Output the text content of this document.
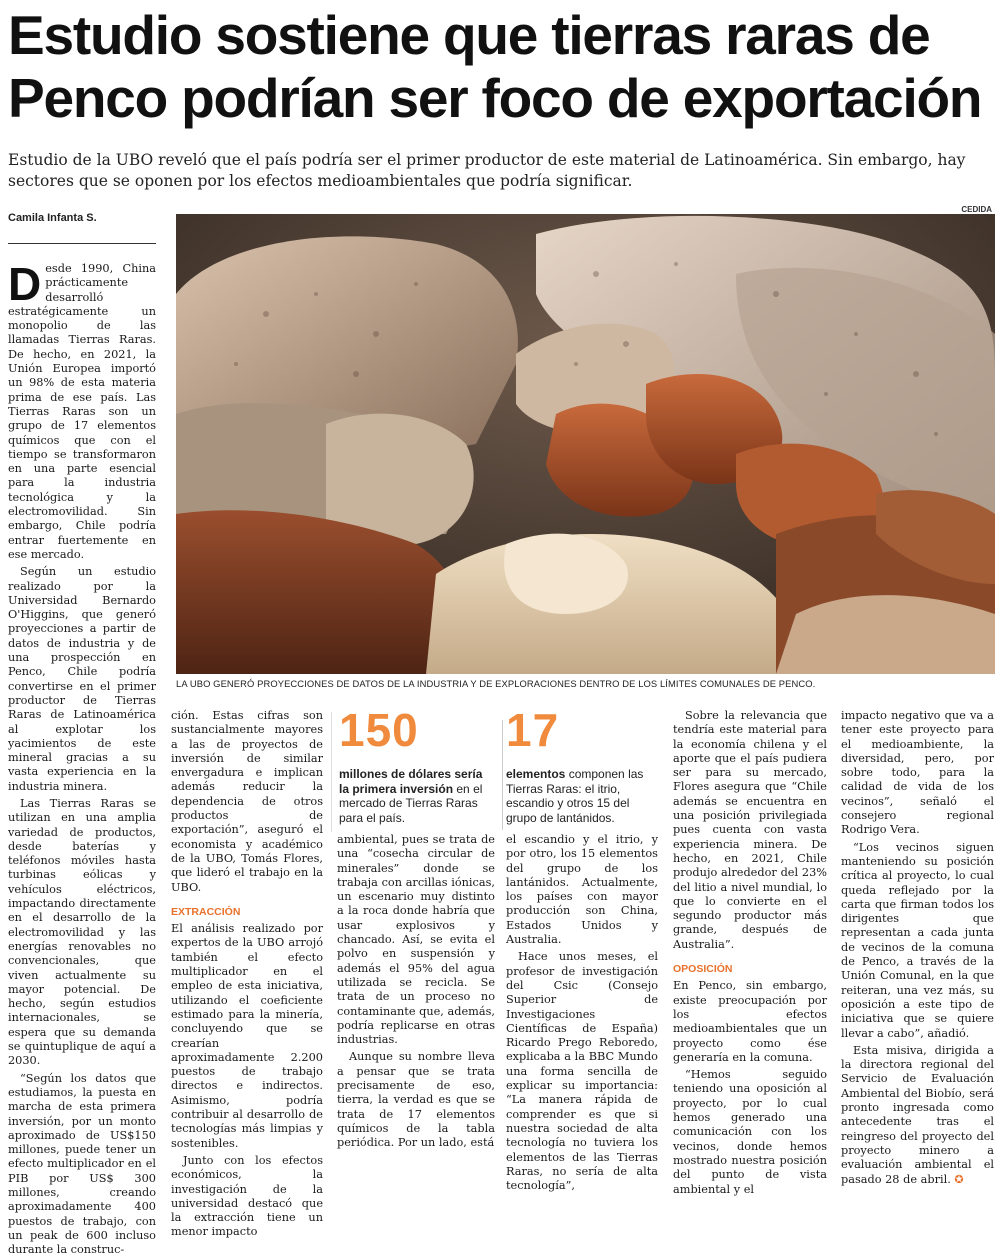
Estudio sostiene que tierras raras de Penco podrían ser foco de exportación

Estudio de la UBO reveló que el país podría ser el primer productor de este material de Latinoamérica. Sin embargo, hay sectores que se oponen por los efectos medioambientales que podría significar.

Camila Infanta S.
CEDIDA
LA UBO GENERÓ PROYECCIONES DE DATOS DE LA INDUSTRIA Y DE EXPLORACIONES DENTRO DE LOS LÍMITES COMUNALES DE PENCO.

Desde 1990, China prácticamente desarrolló estratégicamente un monopolio de las llamadas Tierras Raras. De hecho, en 2021, la Unión Europea importó un 98% de esta materia prima de ese país. Las Tierras Raras son un grupo de 17 elementos químicos que con el tiempo se transformaron en una parte esencial para la industria tecnológica y la electromovilidad. Sin embargo, Chile podría entrar fuertemente en ese mercado.

Según un estudio realizado por la Universidad Bernardo O'Higgins, que generó proyecciones a partir de datos de industria y de una prospección en Penco, Chile podría convertirse en el primer productor de Tierras Raras de Latinoamérica al explotar los yacimientos de este mineral gracias a su vasta experiencia en la industria minera.

Las Tierras Raras se utilizan en una amplia variedad de productos, desde baterías y teléfonos móviles hasta turbinas eólicas y vehículos eléctricos, impactando directamente en el desarrollo de la electromovilidad y las energías renovables no convencionales, que viven actualmente su mayor potencial. De hecho, según estudios internacionales, se espera que su demanda se quintuplique de aquí a 2030.

“Según los datos que estudiamos, la puesta en marcha de esta primera inversión, por un monto aproximado de US$150 millones, puede tener un efecto multiplicador en el PIB por US$ 300 millones, creando aproximadamente 400 puestos de trabajo, con un peak de 600 incluso durante la construc-

ción. Estas cifras son sustancialmente mayores a las de proyectos de inversión de similar envergadura e implican además reducir la dependencia de otros productos de exportación”, aseguró el economista y académico de la UBO, Tomás Flores, que lideró el trabajo en la UBO.

EXTRACCIÓN

El análisis realizado por expertos de la UBO arrojó también el efecto multiplicador en el empleo de esta iniciativa, utilizando el coeficiente estimado para la minería, concluyendo que se crearían aproximadamente 2.200 puestos de trabajo directos e indirectos. Asimismo, podría contribuir al desarrollo de tecnologías más limpias y sostenibles.

Junto con los efectos económicos, la investigación de la universidad destacó que la extracción tiene un menor impacto

150
millones de dólares sería la primera inversión en el mercado de Tierras Raras para el país.
17
elementos componen las Tierras Raras: el itrio, escandio y otros 15 del grupo de lantánidos.

ambiental, pues se trata de una “cosecha circular de minerales” donde se trabaja con arcillas iónicas, un escenario muy distinto a la roca donde habría que usar explosivos y chancado. Así, se evita el polvo en suspensión y además el 95% del agua utilizada se recicla. Se trata de un proceso no contaminante que, además, podría replicarse en otras industrias.

Aunque su nombre lleva a pensar que se trata precisamente de eso, tierra, la verdad es que se trata de 17 elementos químicos de la tabla periódica. Por un lado, está

el escandio y el itrio, y por otro, los 15 elementos del grupo de los lantánidos. Actualmente, los países con mayor producción son China, Estados Unidos y Australia.

Hace unos meses, el profesor de investigación del Csic (Consejo Superior de Investigaciones Científicas de España) Ricardo Prego Reboredo, explicaba a la BBC Mundo una forma sencilla de explicar su importancia: “La manera rápida de comprender es que si nuestra sociedad de alta tecnología no tuviera los elementos de las Tierras Raras, no sería de alta tecnología”,

Sobre la relevancia que tendría este material para la economía chilena y el aporte que el país pudiera ser para su mercado, Flores asegura que “Chile además se encuentra en una posición privilegiada pues cuenta con vasta experiencia minera. De hecho, en 2021, Chile produjo alrededor del 23% del litio a nivel mundial, lo que lo convierte en el segundo productor más grande, después de Australia”.

OPOSICIÓN

En Penco, sin embargo, existe preocupación por los efectos medioambientales que un proyecto como ése generaría en la comuna.

“Hemos seguido teniendo una oposición al proyecto, por lo cual hemos generado una comunicación con los vecinos, donde hemos mostrado nuestra posición del punto de vista ambiental y el

impacto negativo que va a tener este proyecto para el medioambiente, la diversidad, pero, por sobre todo, para la calidad de vida de los vecinos”, señaló el consejero regional Rodrigo Vera.

“Los vecinos siguen manteniendo su posición crítica al proyecto, lo cual queda reflejado por la carta que firman todos los dirigentes que representan a cada junta de vecinos de la comuna de Penco, a través de la Unión Comunal, en la que reiteran, una vez más, su oposición a este tipo de iniciativa que se quiere llevar a cabo”, añadió.

Esta misiva, dirigida a la directora regional del Servicio de Evaluación Ambiental del Biobío, será pronto ingresada como antecedente tras el reingreso del proyecto del proyecto minero a evaluación ambiental el pasado 28 de abril. ✪
